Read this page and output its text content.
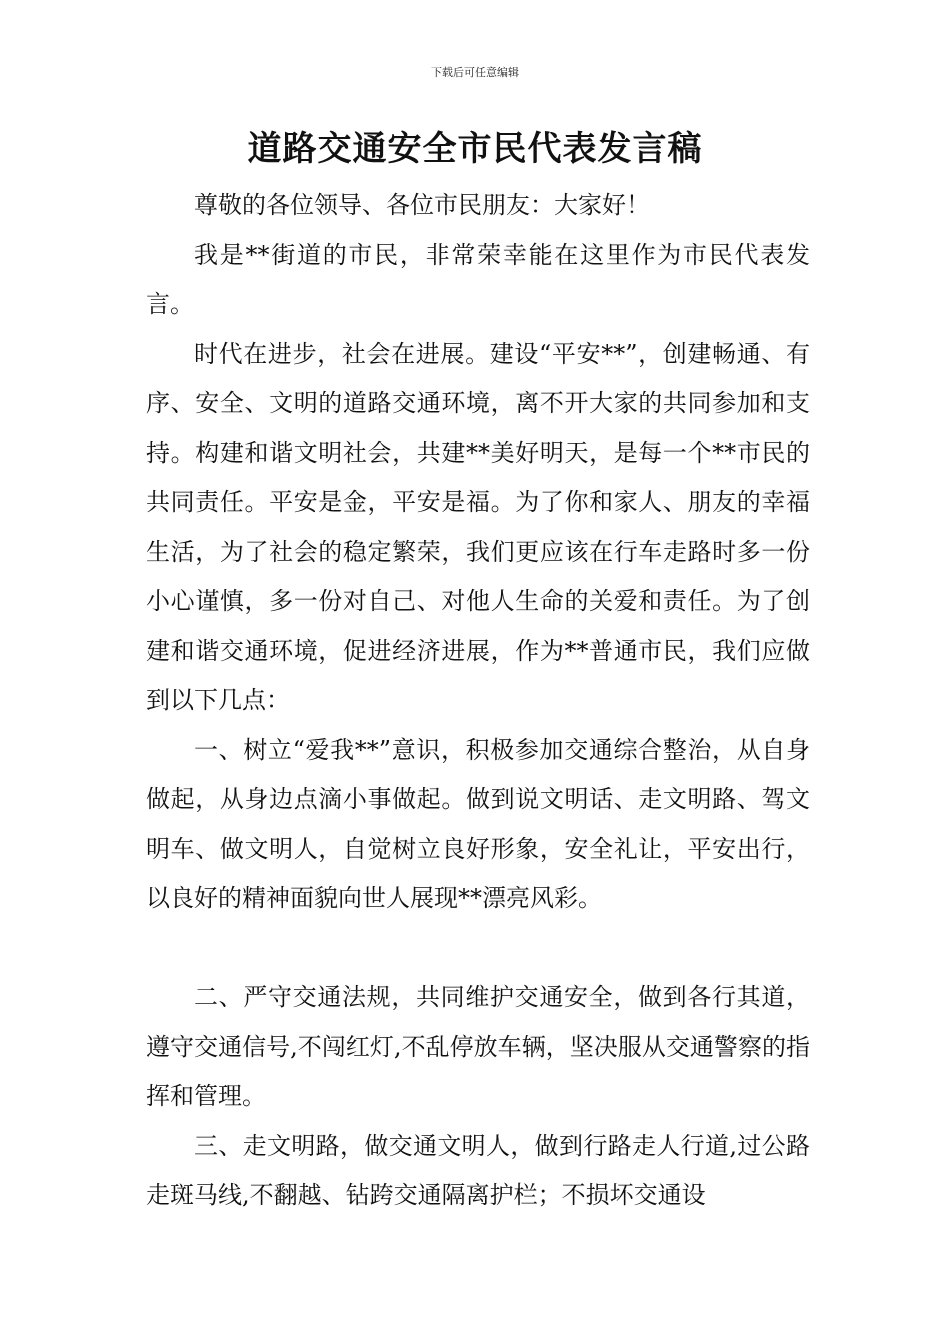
下载后可任意编辑
道路交通安全市民代表发言稿

尊敬的各位领导、各位市民朋友：大家好！

我是**街道的市民，非常荣幸能在这里作为市民代表发言。

时代在进步，社会在进展。建设“平安**”，创建畅通、有序、安全、文明的道路交通环境，离不开大家的共同参加和支持。构建和谐文明社会，共建**美好明天，是每一个**市民的共同责任。平安是金，平安是福。为了你和家人、朋友的幸福生活，为了社会的稳定繁荣，我们更应该在行车走路时多一份小心谨慎，多一份对自己、对他人生命的关爱和责任。为了创建和谐交通环境，促进经济进展，作为**普通市民，我们应做到以下几点：

一、树立“爱我**”意识，积极参加交通综合整治，从自身做起，从身边点滴小事做起。做到说文明话、走文明路、驾文明车、做文明人，自觉树立良好形象，安全礼让，平安出行，以良好的精神面貌向世人展现**漂亮风彩。

二、严守交通法规，共同维护交通安全，做到各行其道，遵守交通信号,不闯红灯,不乱停放车辆，坚决服从交通警察的指挥和管理。

三、走文明路，做交通文明人，做到行路走人行道,过公路走斑马线,不翻越、钻跨交通隔离护栏；不损坏交通设
